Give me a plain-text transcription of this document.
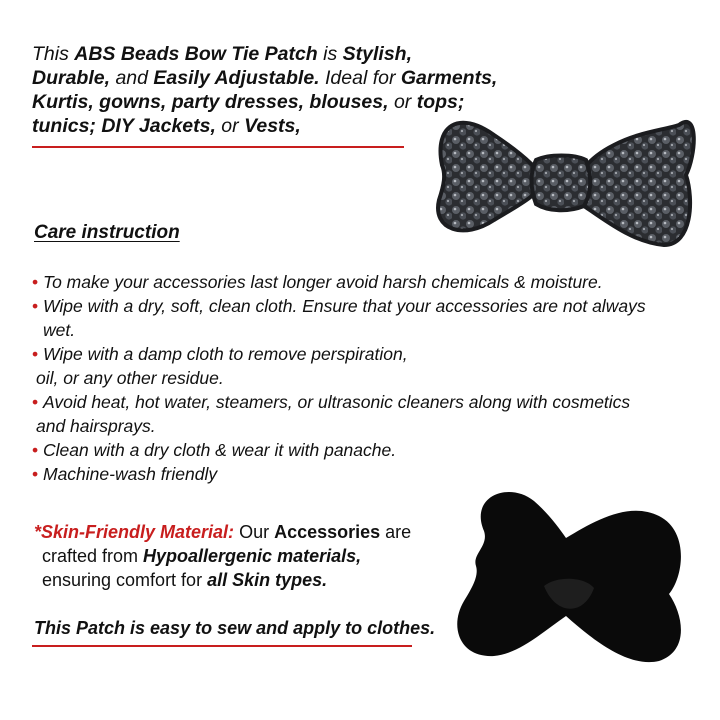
This ABS Beads Bow Tie Patch is Stylish,
Durable, and Easily Adjustable. Ideal for Garments,
Kurtis, gowns, party dresses, blouses, or tops;
tunics; DIY Jackets, or Vests,
Care instruction
• To make your accessories last longer avoid harsh chemicals & moisture.
• Wipe with a dry, soft, clean cloth. Ensure that your accessories are not always wet.
• Wipe with a damp cloth to remove perspiration,
oil, or any other residue.
• Avoid heat, hot water, steamers, or ultrasonic cleaners along with cosmetics
and hairsprays.
• Clean with a dry cloth & wear it with panache.
• Machine-wash friendly
*Skin-Friendly Material: Our Accessories are
crafted from Hypoallergenic materials,
ensuring comfort for all Skin types.
This Patch is easy to sew and apply to clothes.
